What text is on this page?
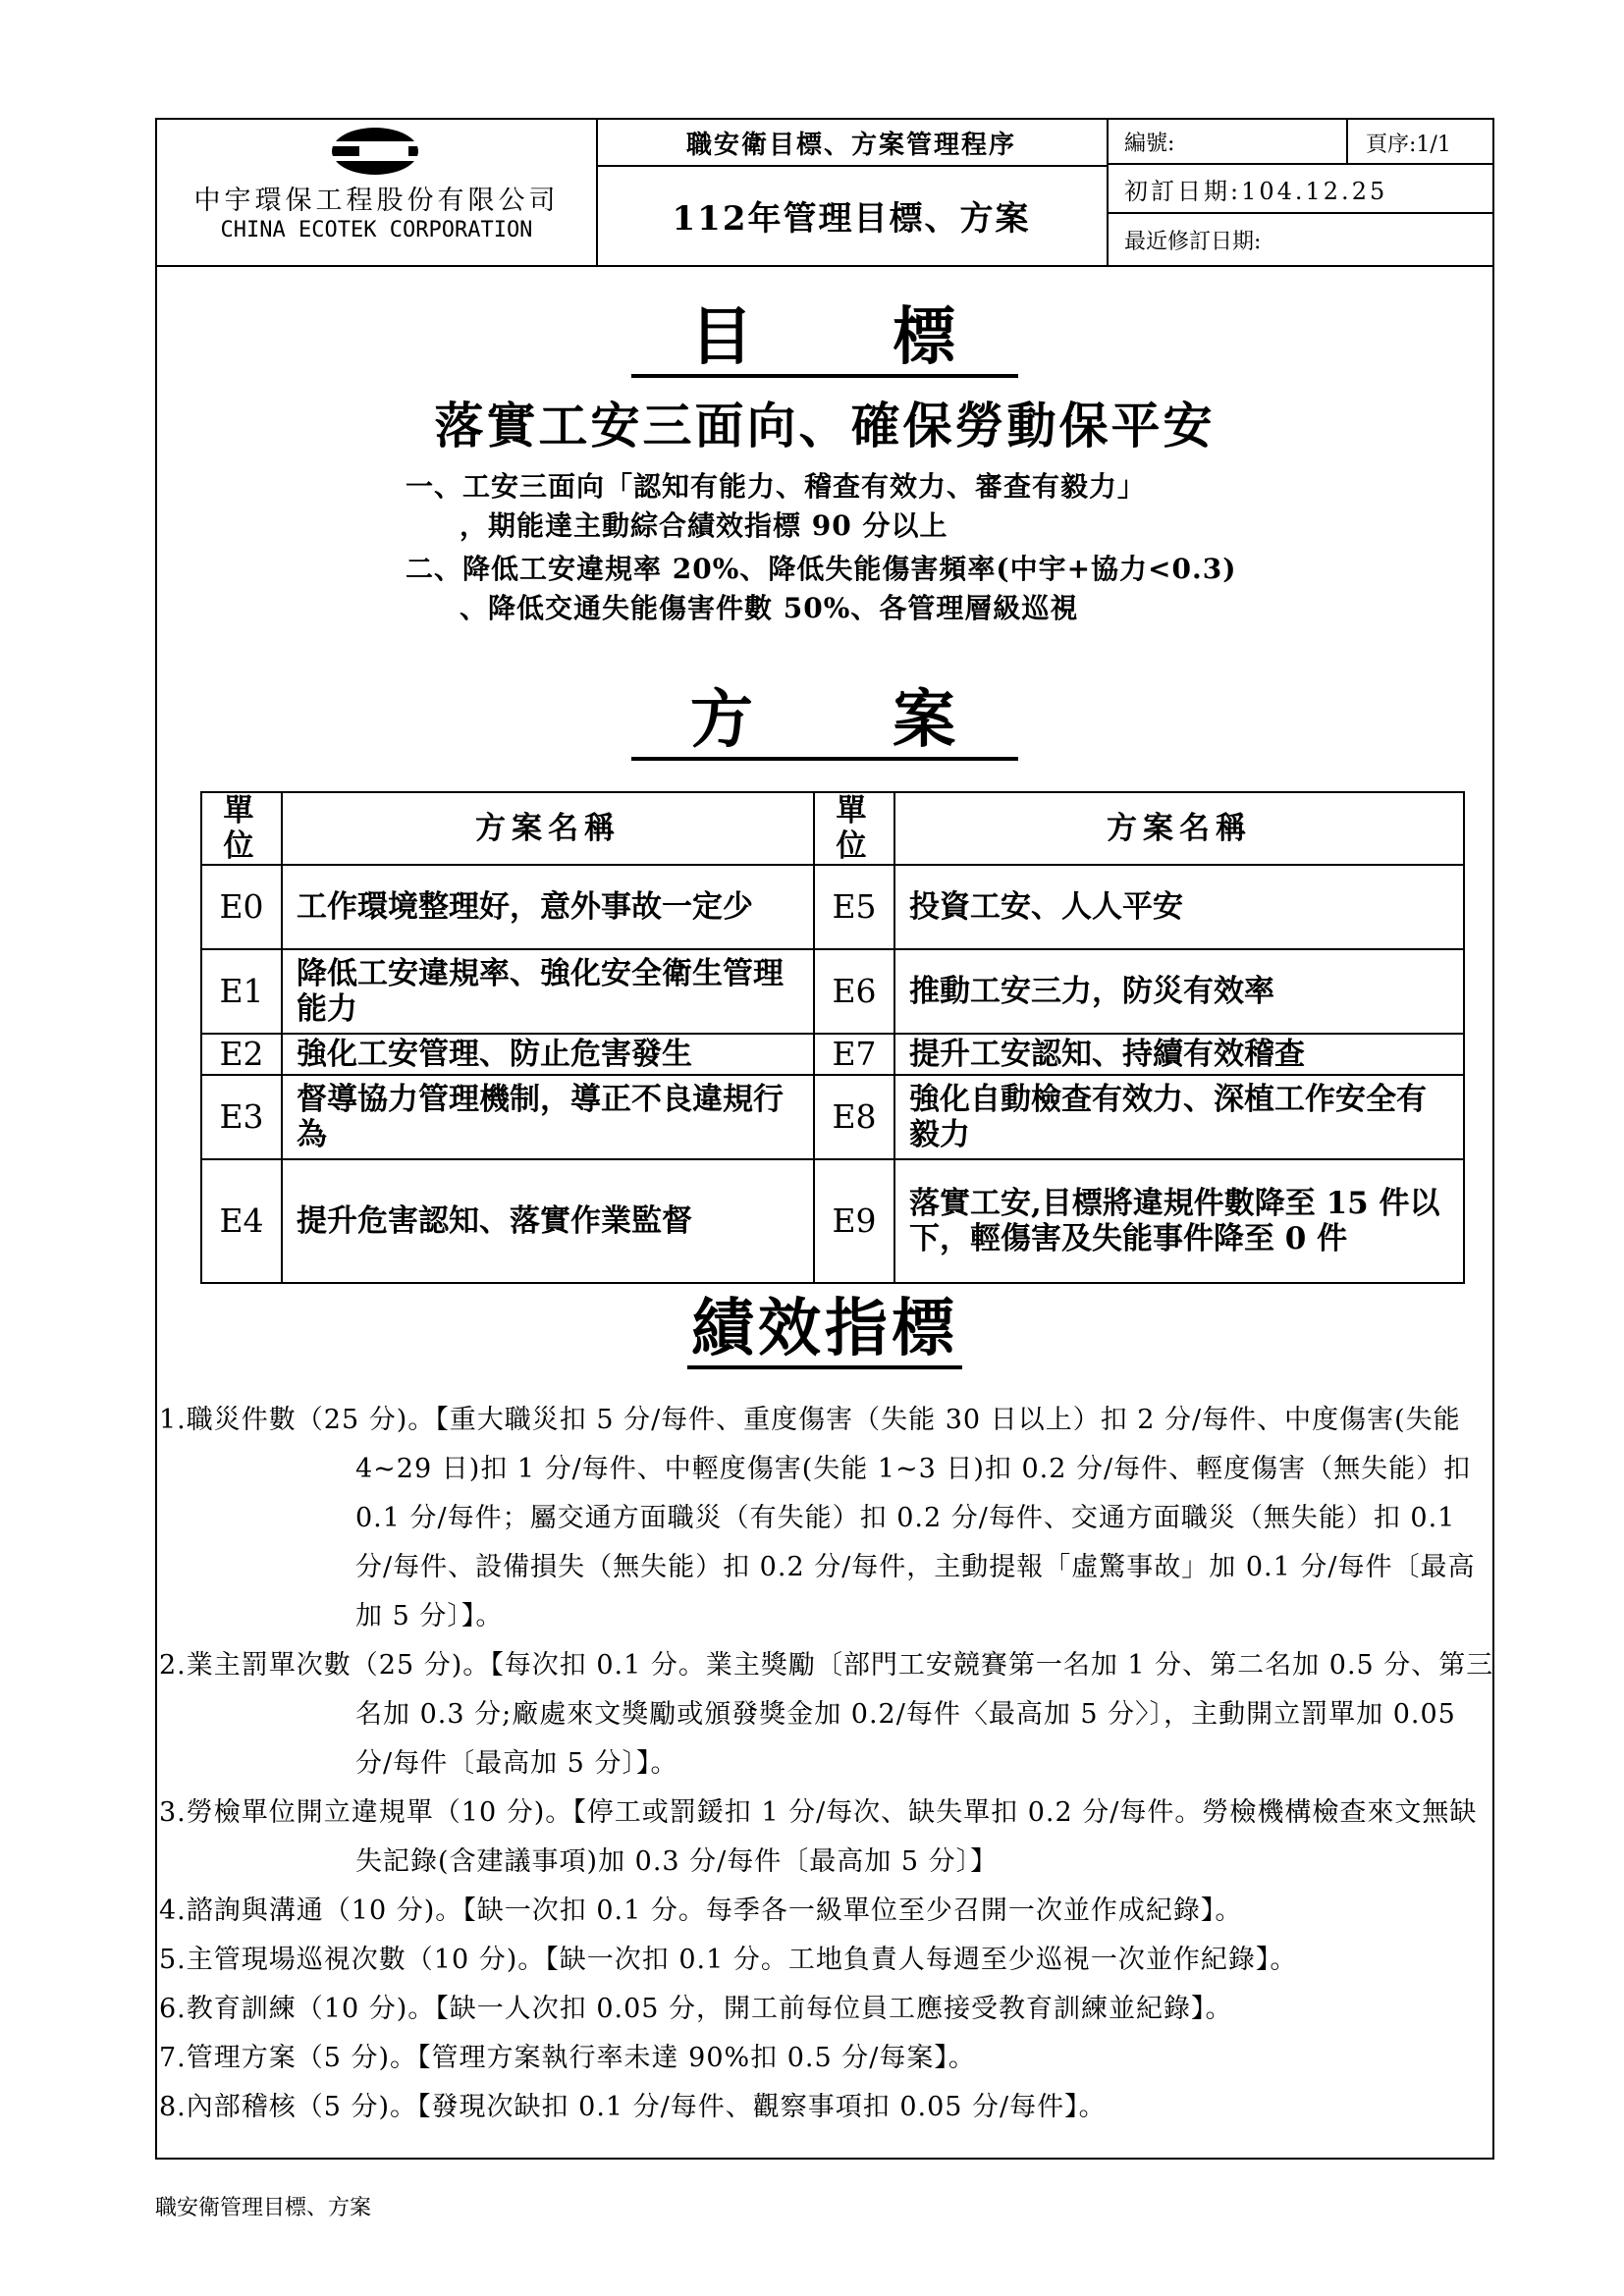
中宇環保工程股份有限公司
CHINA ECOTEK CORPORATION
職安衛目標、方案管理程序
112年管理目標、方案
編號:	頁序:1/1
初訂日期:104.12.25
最近修訂日期:
目 標
落實工安三面向、確保勞動保平安
一、工安三面向「認知有能力、稽查有效力、審查有毅力」
，期能達主動綜合績效指標 90 分以上
二、降低工安違規率 20%、降低失能傷害頻率(中宇+協力<0.3)
、降低交通失能傷害件數 50%、各管理層級巡視
方 案
單位	方案名稱	單位	方案名稱
E0	工作環境整理好，意外事故一定少	E5	投資工安、人人平安
E1	降低工安違規率、強化安全衛生管理能力	E6	推動工安三力，防災有效率
E2	強化工安管理、防止危害發生	E7	提升工安認知、持續有效稽查
E3	督導協力管理機制，導正不良違規行為	E8	強化自動檢查有效力、深植工作安全有毅力
E4	提升危害認知、落實作業監督	E9	落實工安,目標將違規件數降至 15 件以下，輕傷害及失能事件降至 0 件
績效指標
1.職災件數（25 分)。【重大職災扣 5 分/每件、重度傷害（失能 30 日以上）扣 2 分/每件、中度傷害(失能 4~29 日)扣 1 分/每件、中輕度傷害(失能 1~3 日)扣 0.2 分/每件、輕度傷害（無失能）扣 0.1 分/每件；屬交通方面職災（有失能）扣 0.2 分/每件、交通方面職災（無失能）扣 0.1 分/每件、設備損失（無失能）扣 0.2 分/每件，主動提報「虛驚事故」加 0.1 分/每件〔最高加 5 分〕】。
2.業主罰單次數（25 分)。【每次扣 0.1 分。業主獎勵〔部門工安競賽第一名加 1 分、第二名加 0.5 分、第三名加 0.3 分;廠處來文獎勵或頒發獎金加 0.2/每件〈最高加 5 分〉〕，主動開立罰單加 0.05 分/每件〔最高加 5 分〕】。
3.勞檢單位開立違規單（10 分)。【停工或罰鍰扣 1 分/每次、缺失單扣 0.2 分/每件。勞檢機構檢查來文無缺失記錄(含建議事項)加 0.3 分/每件〔最高加 5 分〕】
4.諮詢與溝通（10 分)。【缺一次扣 0.1 分。每季各一級單位至少召開一次並作成紀錄】。
5.主管現場巡視次數（10 分)。【缺一次扣 0.1 分。工地負責人每週至少巡視一次並作紀錄】。
6.教育訓練（10 分)。【缺一人次扣 0.05 分，開工前每位員工應接受教育訓練並紀錄】。
7.管理方案（5 分)。【管理方案執行率未達 90%扣 0.5 分/每案】。
8.內部稽核（5 分)。【發現次缺扣 0.1 分/每件、觀察事項扣 0.05 分/每件】。
職安衛管理目標、方案
